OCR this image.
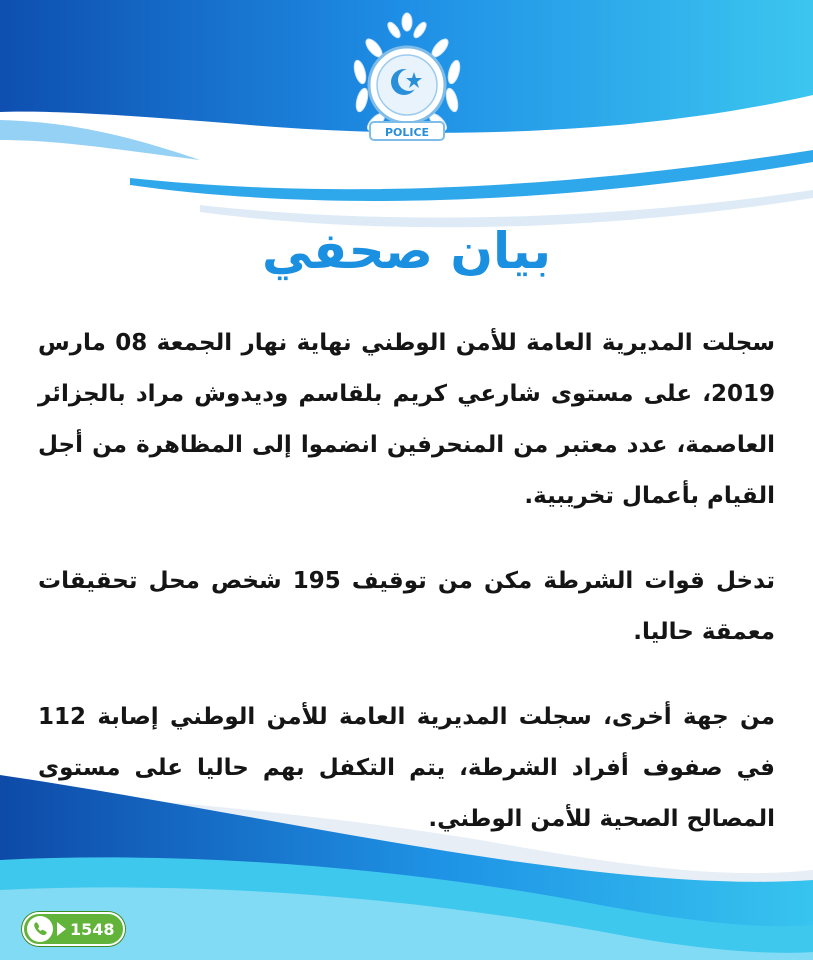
POLICE
الشرطة
بيان صحفي

سجلت المديرية العامة للأمن الوطني نهاية نهار الجمعة 08 مارس 2019، على مستوى شارعي كريم بلقاسم وديدوش مراد بالجزائر العاصمة، عدد معتبر من المنحرفين انضموا إلى المظاهرة من أجل القيام بأعمال تخريبية.

تدخل قوات الشرطة مكن من توقيف 195 شخص محل تحقيقات معمقة حاليا.

من جهة أخرى، سجلت المديرية العامة للأمن الوطني إصابة 112 في صفوف أفراد الشرطة، يتم التكفل بهم حاليا على مستوى المصالح الصحية للأمن الوطني.

1548
